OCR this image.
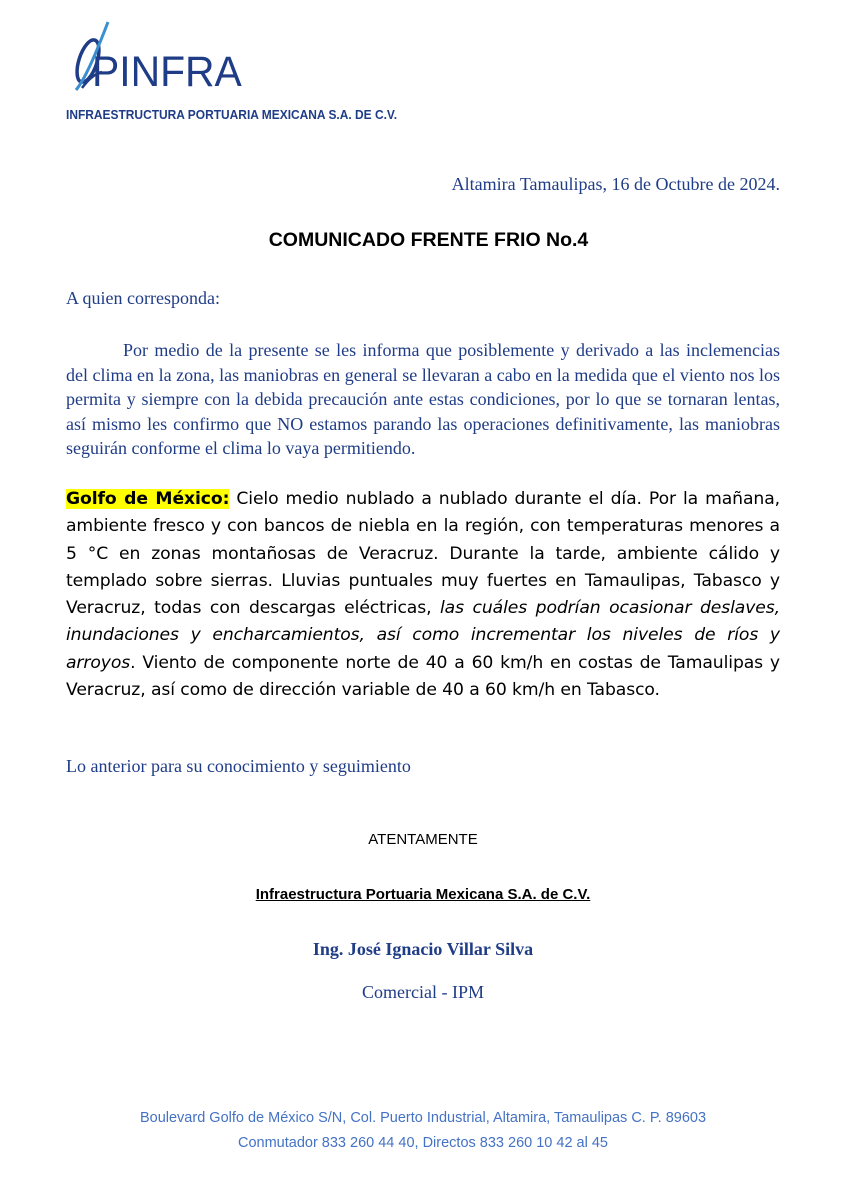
PINFRA
INFRAESTRUCTURA PORTUARIA MEXICANA S.A. DE C.V.
Altamira Tamaulipas, 16 de Octubre de 2024.
COMUNICADO FRENTE FRIO No.4
A quien corresponda:

Por medio de la presente se les informa que posiblemente y derivado a las inclemencias del clima en la zona, las maniobras en general se llevaran a cabo en la medida que el viento nos los permita y siempre con la debida precaución ante estas condiciones, por lo que se tornaran lentas, así mismo les confirmo que NO estamos parando las operaciones definitivamente, las maniobras seguirán conforme el clima lo vaya permitiendo.

Golfo de México: Cielo medio nublado a nublado durante el día. Por la mañana, ambiente fresco y con bancos de niebla en la región, con temperaturas menores a 5 °C en zonas montañosas de Veracruz. Durante la tarde, ambiente cálido y templado sobre sierras. Lluvias puntuales muy fuertes en Tamaulipas, Tabasco y Veracruz, todas con descargas eléctricas, las cuáles podrían ocasionar deslaves, inundaciones y encharcamientos, así como incrementar los niveles de ríos y arroyos. Viento de componente norte de 40 a 60 km/h en costas de Tamaulipas y Veracruz, así como de dirección variable de 40 a 60 km/h en Tabasco.

Lo anterior para su conocimiento y seguimiento
ATENTAMENTE
Infraestructura Portuaria Mexicana S.A. de C.V.
Ing. José Ignacio Villar Silva
Comercial - IPM
Boulevard Golfo de México S/N, Col. Puerto Industrial, Altamira, Tamaulipas C. P. 89603
Conmutador 833 260 44 40, Directos 833 260 10 42 al 45
